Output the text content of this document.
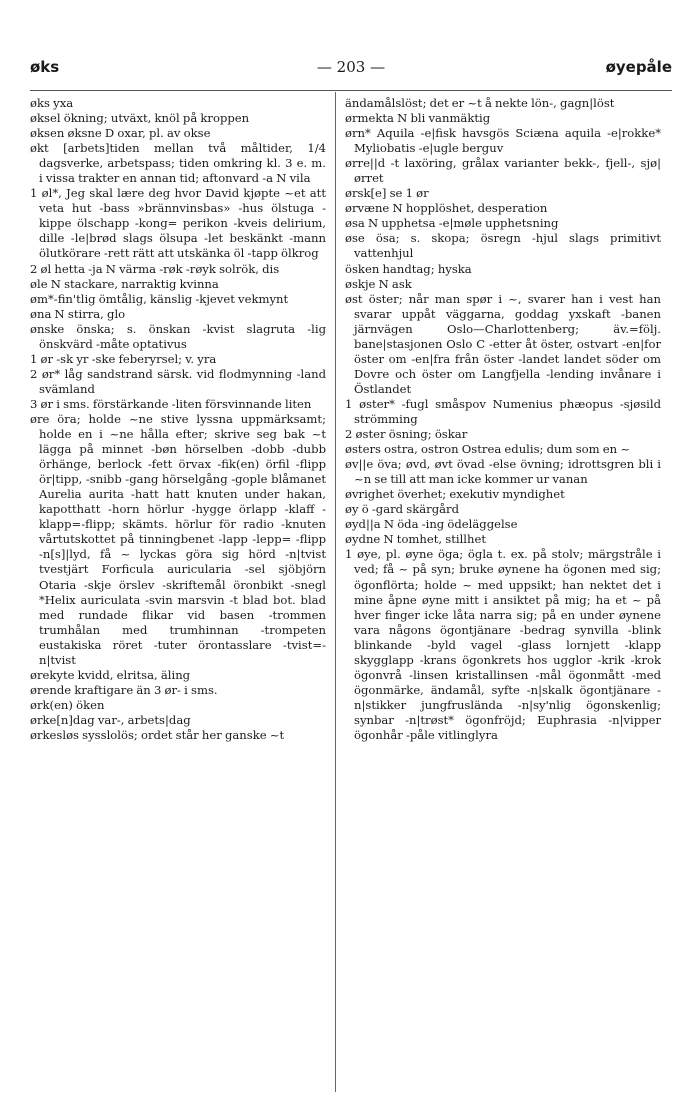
— 203 —
øks	øyepåle
øks yxa
øksel ökning; utväxt, knöl på kroppen
øksen øksne D oxar, pl. av okse
økt [arbets]tiden mellan två måltider, 1/4 dagsverke, arbetspass; tiden omkring kl. 3 e. m. i vissa trakter en annan tid; aftonvard -a N vila
1 øl*, Jeg skal lære deg hvor David kjøpte ~et att veta hut -bass »brännvinsbas» -hus ölstuga -kippe ölschapp -kong= perikon -kveis delirium, dille -le|brød slags ölsupa -let beskänkt -mann ölutkörare -rett rätt att utskänka öl -tapp ölkrog
2 øl hetta -ja N värma -røk -røyk solrök, dis
øle N stackare, narraktig kvinna
øm*-fin'tlig ömtålig, känslig -kjevet vekmynt
øna N stirra, glo
ønske önska; s. önskan -kvist slagruta -lig önskvärd -måte optativus
1 ør -sk yr -ske feberyrsel; v. yra
2 ør* låg sandstrand särsk. vid flodmynning -land svämland
3 ør i sms. förstärkande -liten försvinnande liten
øre öra; holde ~ne stive lyssna uppmärksamt; holde en i ~ne hålla efter; skrive seg bak ~t lägga på minnet -bøn hörselben -dobb -dubb örhänge, berlock -fett örvax -fik(en) örfil -flipp ör|tipp, -snibb -gang hörselgång -gople blåmanet Aurelia aurita -hatt hatt knuten under hakan, kapotthatt -horn hörlur -hygge örlapp -klaff -klapp=-flipp; skämts. hörlur för radio -knuten vårtutskottet på tinningbenet -lapp -lepp= -flipp -n[s]|lyd, få ~ lyckas göra sig hörd -n|tvist tvestjärt Forficula auricularia -sel sjöbjörn Otaria -skje örslev -skriftemål öronbikt -snegl *Helix auriculata -svin marsvin -t blad bot. blad med rundade flikar vid basen -trommen trumhålan med trumhinnan -trompeten eustakiska röret -tuter örontasslare -tvist=-n|tvist
ørekyte kvidd, elritsa, äling
ørende kraftigare än 3 ør- i sms.
ørk(en) öken
ørke[n]dag var-, arbets|dag
ørkesløs sysslolös; ordet står her ganske ~t
ändamålslöst; det er ~t å nekte lön-, gagn|löst
ørmekta N bli vanmäktig
ørn* Aquila -e|fisk havsgös Sciæna aquila -e|rokke* Myliobatis -e|ugle berguv
ørre||d -t laxöring, grålax varianter bekk-, fjell-, sjø|ørret
ørsk[e] se 1 ør
ørvæne N hopplöshet, desperation
øsa N upphetsa -e|møle upphetsning
øse ösa; s. skopa; ösregn -hjul slags primitivt vattenhjul
ösken handtag; hyska
øskje N ask
øst öster; når man spør i ~, svarer han i vest han svarar uppåt väggarna, goddag yxskaft -banen järnvägen Oslo—Charlottenberg; äv.=följ. bane|stasjonen Oslo C -etter åt öster, ostvart -en|for öster om -en|fra från öster -landet landet söder om Dovre och öster om Langfjella -lending invånare i Östlandet
1 øster* -fugl småspov Numenius phæopus -sjøsild strömming
2 øster ösning; öskar
østers ostra, ostron Ostrea edulis; dum som en ~
øv||e öva; øvd, øvt övad -else övning; idrottsgren bli i ~n se till att man icke kommer ur vanan
øvrighet överhet; exekutiv myndighet
øy ö -gard skärgård
øyd||a N öda -ing ödeläggelse
øydne N tomhet, stillhet
1 øye, pl. øyne öga; ögla t. ex. på stolv; märgstråle i ved; få ~ på syn; bruke øynene ha ögonen med sig; ögonflörta; holde ~ med uppsikt; han nektet det i mine åpne øyne mitt i ansiktet på mig; ha et ~ på hver finger icke låta narra sig; på en under øynene vara någons ögontjänare -bedrag synvilla -blink blinkande -byld vagel -glass lornjett -klapp skygglapp -krans ögonkrets hos ugglor -krik -krok ögonvrå -linsen kristallinsen -mål ögonmått -med ögonmärke, ändamål, syfte -n|skalk ögontjänare -n|stikker jungfrusländа -n|sy'nlig ögonskenlig; synbar -n|trøst* ögonfröjd; Euphrasia -n|vipper ögonhår -påle vitlinglyra
